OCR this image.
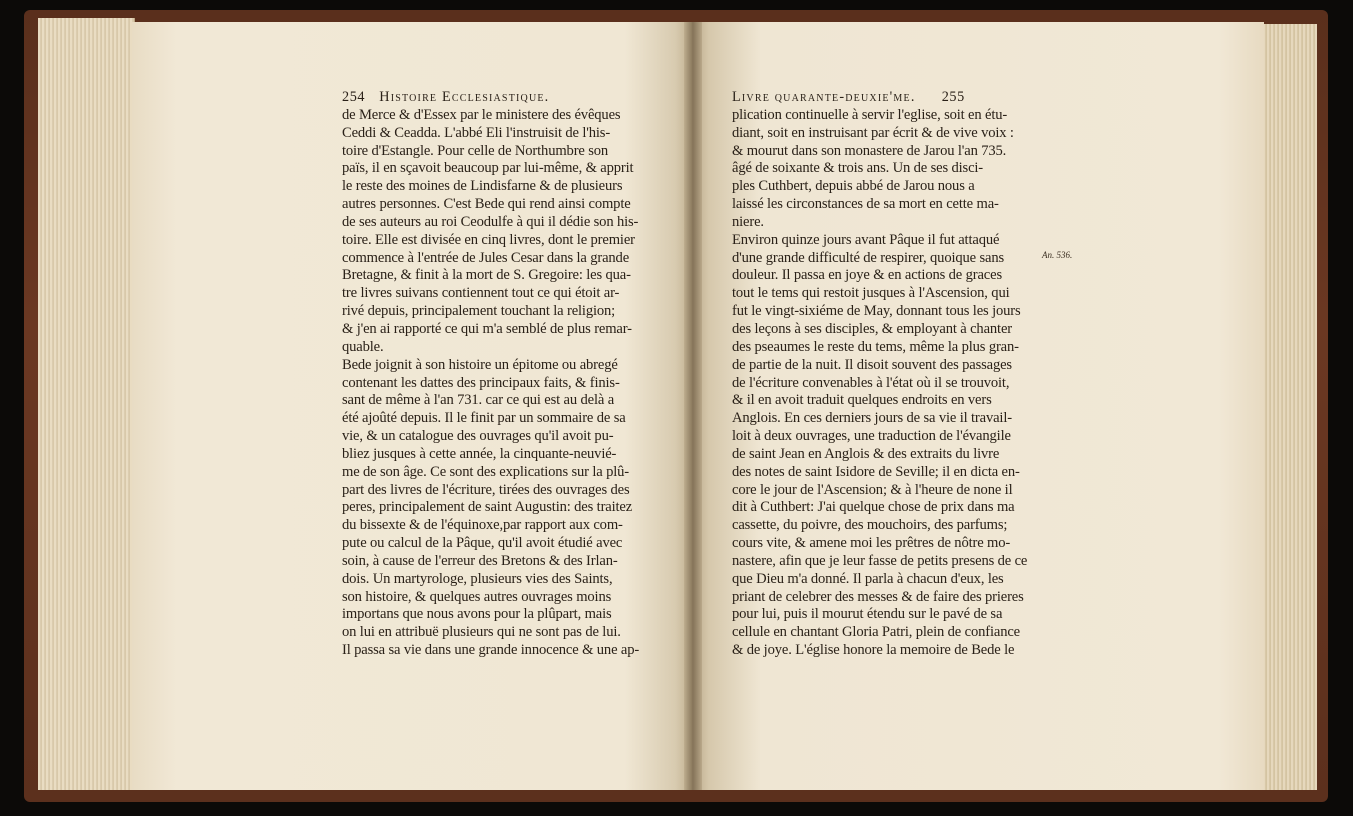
254 Histoire Ecclesiastique.
de Merce & d'Essex par le ministere des évêques
Ceddi & Ceadda. L'abbé Eli l'instruisit de l'his-
toire d'Estangle. Pour celle de Northumbre son
païs, il en sçavoit beaucoup par lui-même, & apprit
le reste des moines de Lindisfarne & de plusieurs
autres personnes. C'est Bede qui rend ainsi compte
de ses auteurs au roi Ceodulfe à qui il dédie son his-
toire. Elle est divisée en cinq livres, dont le premier
commence à l'entrée de Jules Cesar dans la grande
Bretagne, & finit à la mort de S. Gregoire: les qua-
tre livres suivans contiennent tout ce qui étoit ar-
rivé depuis, principalement touchant la religion;
& j'en ai rapporté ce qui m'a semblé de plus remar-
quable.
Bede joignit à son histoire un épitome ou abregé
contenant les dattes des principaux faits, & finis-
sant de même à l'an 731. car ce qui est au delà a
été ajoûté depuis. Il le finit par un sommaire de sa
vie, & un catalogue des ouvrages qu'il avoit pu-
bliez jusques à cette année, la cinquante-neuvié-
me de son âge. Ce sont des explications sur la plû-
part des livres de l'écriture, tirées des ouvrages des
peres, principalement de saint Augustin: des traitez
du bissexte & de l'équinoxe,par rapport aux com-
pute ou calcul de la Pâque, qu'il avoit étudié avec
soin, à cause de l'erreur des Bretons & des Irlan-
dois. Un martyrologe, plusieurs vies des Saints,
son histoire, & quelques autres ouvrages moins
importans que nous avons pour la plûpart, mais
on lui en attribuë plusieurs qui ne sont pas de lui.
Il passa sa vie dans une grande innocence & une ap-
Livre quarante-deuxie'me. 255
plication continuelle à servir l'eglise, soit en étu-
diant, soit en instruisant par écrit & de vive voix :
& mourut dans son monastere de Jarou l'an 735.
âgé de soixante & trois ans. Un de ses disci-
ples Cuthbert, depuis abbé de Jarou nous a
laissé les circonstances de sa mort en cette ma-
niere.
Environ quinze jours avant Pâque il fut attaqué
d'une grande difficulté de respirer, quoique sans
douleur. Il passa en joye & en actions de graces
tout le tems qui restoit jusques à l'Ascension, qui
fut le vingt-sixiéme de May, donnant tous les jours
des leçons à ses disciples, & employant à chanter
des pseaumes le reste du tems, même la plus gran-
de partie de la nuit. Il disoit souvent des passages
de l'écriture convenables à l'état où il se trouvoit,
& il en avoit traduit quelques endroits en vers
Anglois. En ces derniers jours de sa vie il travail-
loit à deux ouvrages, une traduction de l'évangile
de saint Jean en Anglois & des extraits du livre
des notes de saint Isidore de Seville; il en dicta en-
core le jour de l'Ascension; & à l'heure de none il
dit à Cuthbert: J'ai quelque chose de prix dans ma
cassette, du poivre, des mouchoirs, des parfums;
cours vite, & amene moi les prêtres de nôtre mo-
nastere, afin que je leur fasse de petits presens de ce
que Dieu m'a donné. Il parla à chacun d'eux, les
priant de celebrer des messes & de faire des prieres
pour lui, puis il mourut étendu sur le pavé de sa
cellule en chantant Gloria Patri, plein de confiance
& de joye. L'église honore la memoire de Bede le
An. 536.
